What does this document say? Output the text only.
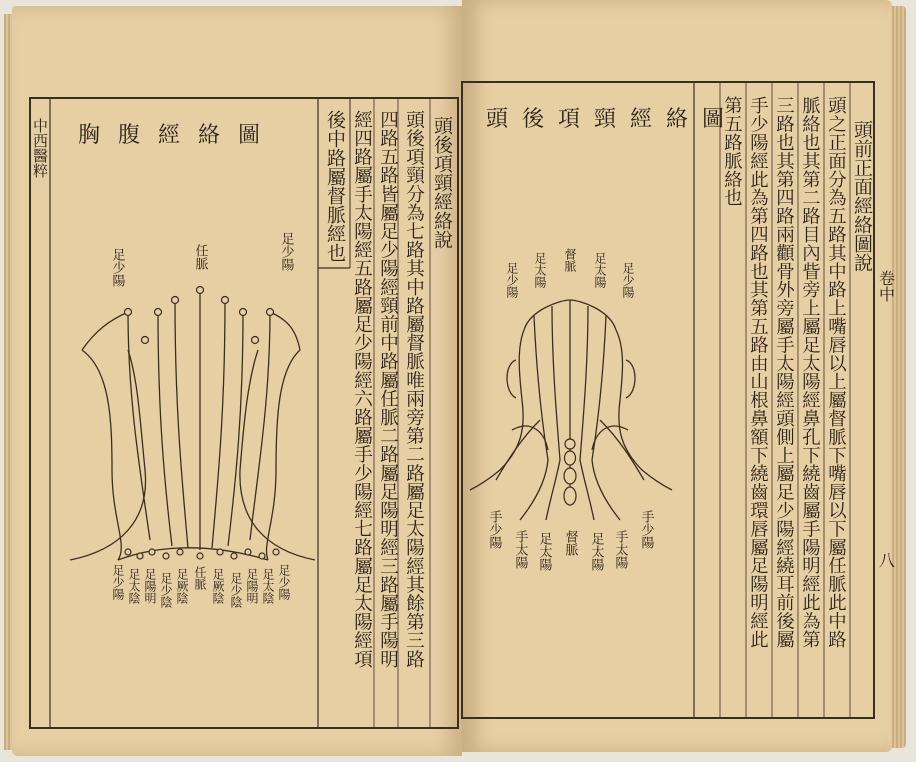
中西醫粹 胸腹經絡圖
足少陽	任脈	足少陽
足少陽 足太陰 足陽明 足少陰 足厥陰 任脈 足厥陰 足少陰 足陽明 足太陰 足少陽
後中路屬督脈經也 經四路屬手太陽經五路屬足少陽經六路屬手少陽經七路屬足太陽經項 四路五路皆屬足少陽經頸前中路屬任脈二路屬足陽明經三路屬手陽明 頭後項頸分為七路其中路屬督脈唯兩旁第二路屬足太陽經其餘第三路 頭後項頸經絡說
卷中
八
頭後項頸經絡圖
足少陽 足太陽 督脈 足太陽 足少陽
手少陽
手太陽 足太陽 督脈 足太陽 手太陽
手少陽
頭前正面經絡圖說
頭之正面分為五路其中路上嘴唇以上屬督脈下嘴唇以下屬任脈此中路
脈絡也其第二路目內眥旁上屬足太陽經鼻孔下繞齒屬手陽明經此為第
三路也其第四路兩顴骨外旁屬手太陽經頭側上屬足少陽經繞耳前後屬
手少陽經此為第四路也其第五路由山根鼻額下繞齒環唇屬足陽明經此
第五路脈絡也
